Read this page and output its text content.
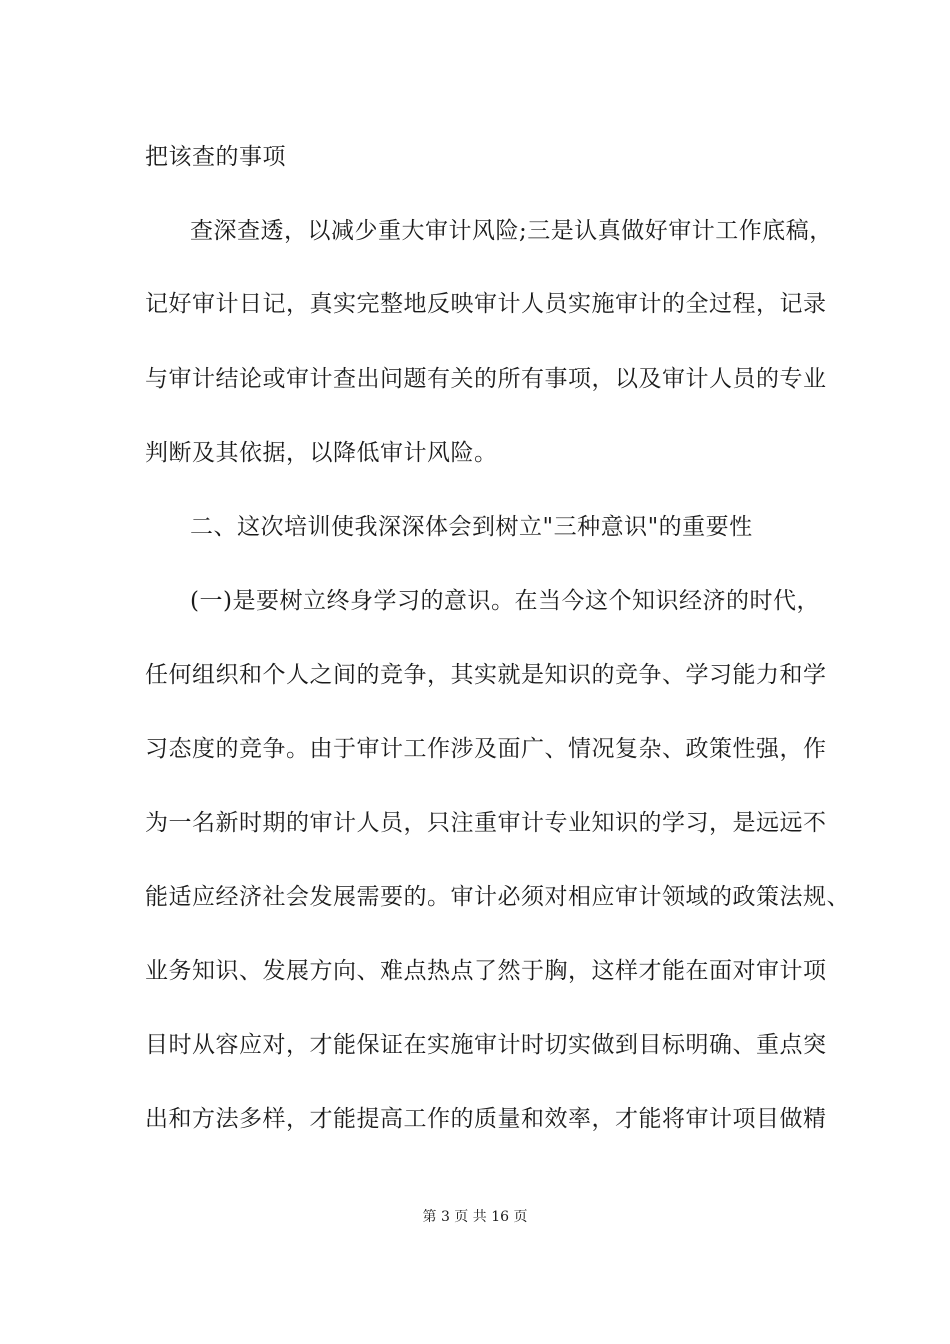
把该查的事项
查深查透，以减少重大审计风险;三是认真做好审计工作底稿，
记好审计日记，真实完整地反映审计人员实施审计的全过程，记录
与审计结论或审计查出问题有关的所有事项，以及审计人员的专业
判断及其依据，以降低审计风险。
二、这次培训使我深深体会到树立"三种意识"的重要性
(一)是要树立终身学习的意识。在当今这个知识经济的时代，
任何组织和个人之间的竞争，其实就是知识的竞争、学习能力和学
习态度的竞争。由于审计工作涉及面广、情况复杂、政策性强，作
为一名新时期的审计人员，只注重审计专业知识的学习，是远远不
能适应经济社会发展需要的。审计必须对相应审计领域的政策法规、
业务知识、发展方向、难点热点了然于胸，这样才能在面对审计项
目时从容应对，才能保证在实施审计时切实做到目标明确、重点突
出和方法多样，才能提高工作的质量和效率，才能将审计项目做精
第 3 页 共 16 页
